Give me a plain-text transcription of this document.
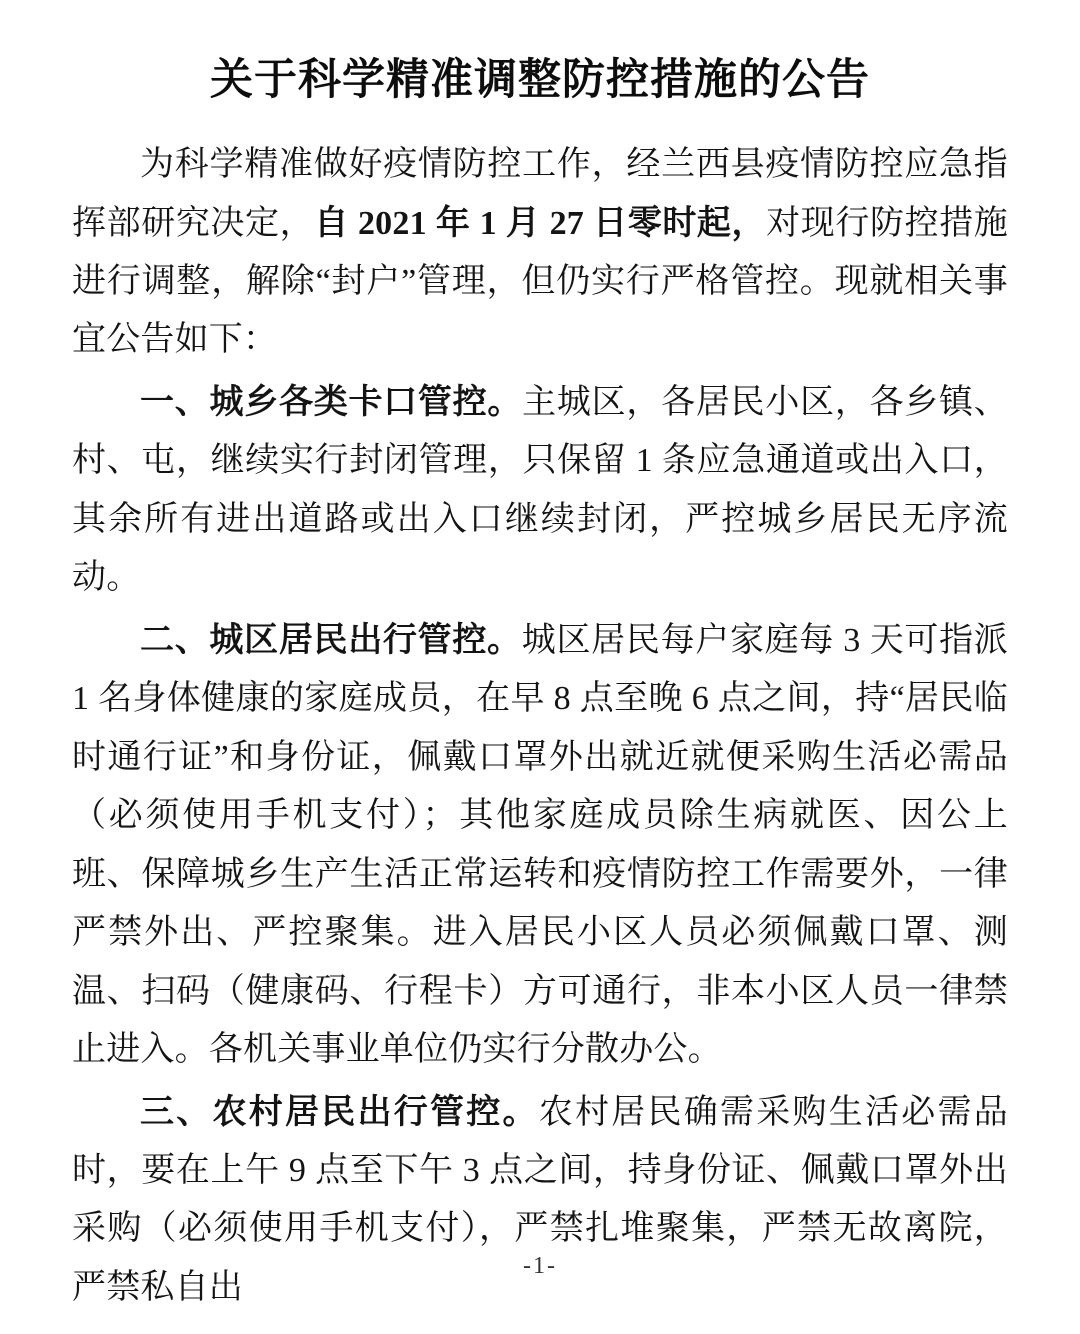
关于科学精准调整防控措施的公告

为科学精准做好疫情防控工作，经兰西县疫情防控应急指挥部研究决定，自 2021 年 1 月 27 日零时起，对现行防控措施进行调整，解除“封户”管理，但仍实行严格管控。现就相关事宜公告如下：

一、城乡各类卡口管控。主城区，各居民小区，各乡镇、村、屯，继续实行封闭管理，只保留 1 条应急通道或出入口，其余所有进出道路或出入口继续封闭，严控城乡居民无序流动。

二、城区居民出行管控。城区居民每户家庭每 3 天可指派 1 名身体健康的家庭成员，在早 8 点至晚 6 点之间，持“居民临时通行证”和身份证，佩戴口罩外出就近就便采购生活必需品（必须使用手机支付）；其他家庭成员除生病就医、因公上班、保障城乡生产生活正常运转和疫情防控工作需要外，一律严禁外出、严控聚集。进入居民小区人员必须佩戴口罩、测温、扫码（健康码、行程卡）方可通行，非本小区人员一律禁止进入。各机关事业单位仍实行分散办公。

三、农村居民出行管控。农村居民确需采购生活必需品时，要在上午 9 点至下午 3 点之间，持身份证、佩戴口罩外出采购（必须使用手机支付），严禁扎堆聚集，严禁无故离院，严禁私自出

-1-
